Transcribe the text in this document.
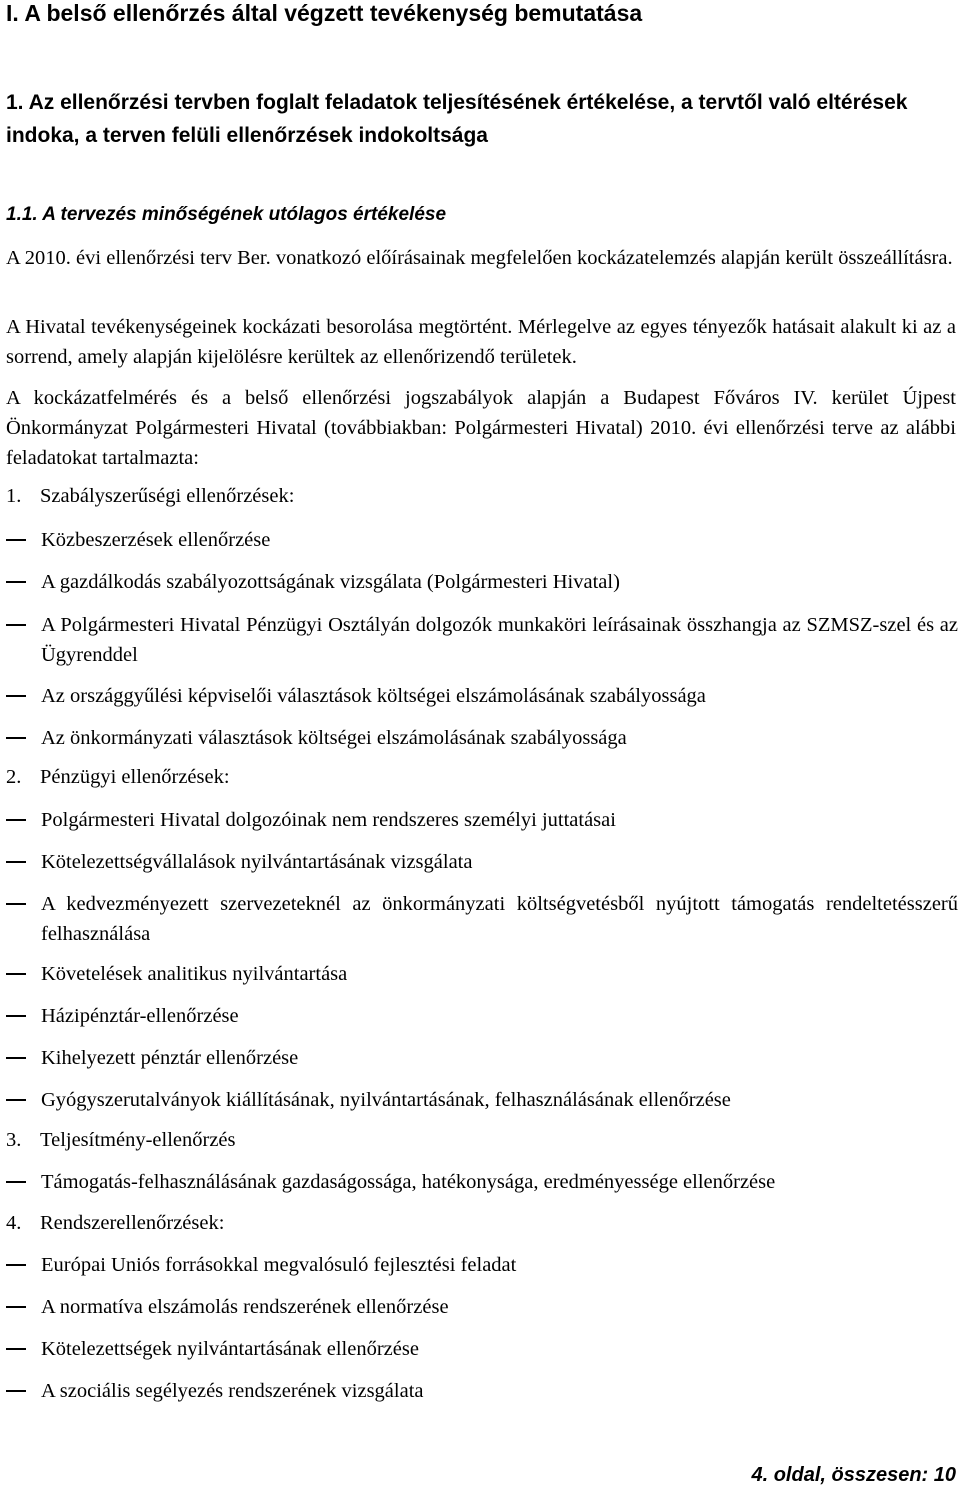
I. A belső ellenőrzés által végzett tevékenység bemutatása
1. Az ellenőrzési tervben foglalt feladatok teljesítésének értékelése, a tervtől való eltérések indoka, a terven felüli ellenőrzések indokoltsága
1.1. A tervezés minőségének utólagos értékelése

A 2010. évi ellenőrzési terv Ber. vonatkozó előírásainak megfelelően kockázatelemzés alapján került összeállításra.

A Hivatal tevékenységeinek kockázati besorolása megtörtént. Mérlegelve az egyes tényezők hatásait alakult ki az a sorrend, amely alapján kijelölésre kerültek az ellenőrizendő területek.

A kockázatfelmérés és a belső ellenőrzési jogszabályok alapján a Budapest Főváros IV. kerület Újpest Önkormányzat Polgármesteri Hivatal (továbbiakban: Polgármesteri Hivatal) 2010. évi ellenőrzési terve az alábbi feladatokat tartalmazta:

1. Szabályszerűségi ellenőrzések:
Közbeszerzések ellenőrzése
A gazdálkodás szabályozottságának vizsgálata (Polgármesteri Hivatal)
A Polgármesteri Hivatal Pénzügyi Osztályán dolgozók munkaköri leírásainak összhangja az SZMSZ-szel és az Ügyrenddel
Az országgyűlési képviselői választások költségei elszámolásának szabályossága
Az önkormányzati választások költségei elszámolásának szabályossága
2. Pénzügyi ellenőrzések:
Polgármesteri Hivatal dolgozóinak nem rendszeres személyi juttatásai
Kötelezettségvállalások nyilvántartásának vizsgálata
A kedvezményezett szervezeteknél az önkormányzati költségvetésből nyújtott támogatás rendeltetésszerű felhasználása
Követelések analitikus nyilvántartása
Házipénztár-ellenőrzése
Kihelyezett pénztár ellenőrzése
Gyógyszerutalványok kiállításának, nyilvántartásának, felhasználásának ellenőrzése
3. Teljesítmény-ellenőrzés
Támogatás-felhasználásának gazdaságossága, hatékonysága, eredményessége ellenőrzése
4. Rendszerellenőrzések:
Európai Uniós forrásokkal megvalósuló fejlesztési feladat
A normatíva elszámolás rendszerének ellenőrzése
Kötelezettségek nyilvántartásának ellenőrzése
A szociális segélyezés rendszerének vizsgálata
4. oldal, összesen: 10
